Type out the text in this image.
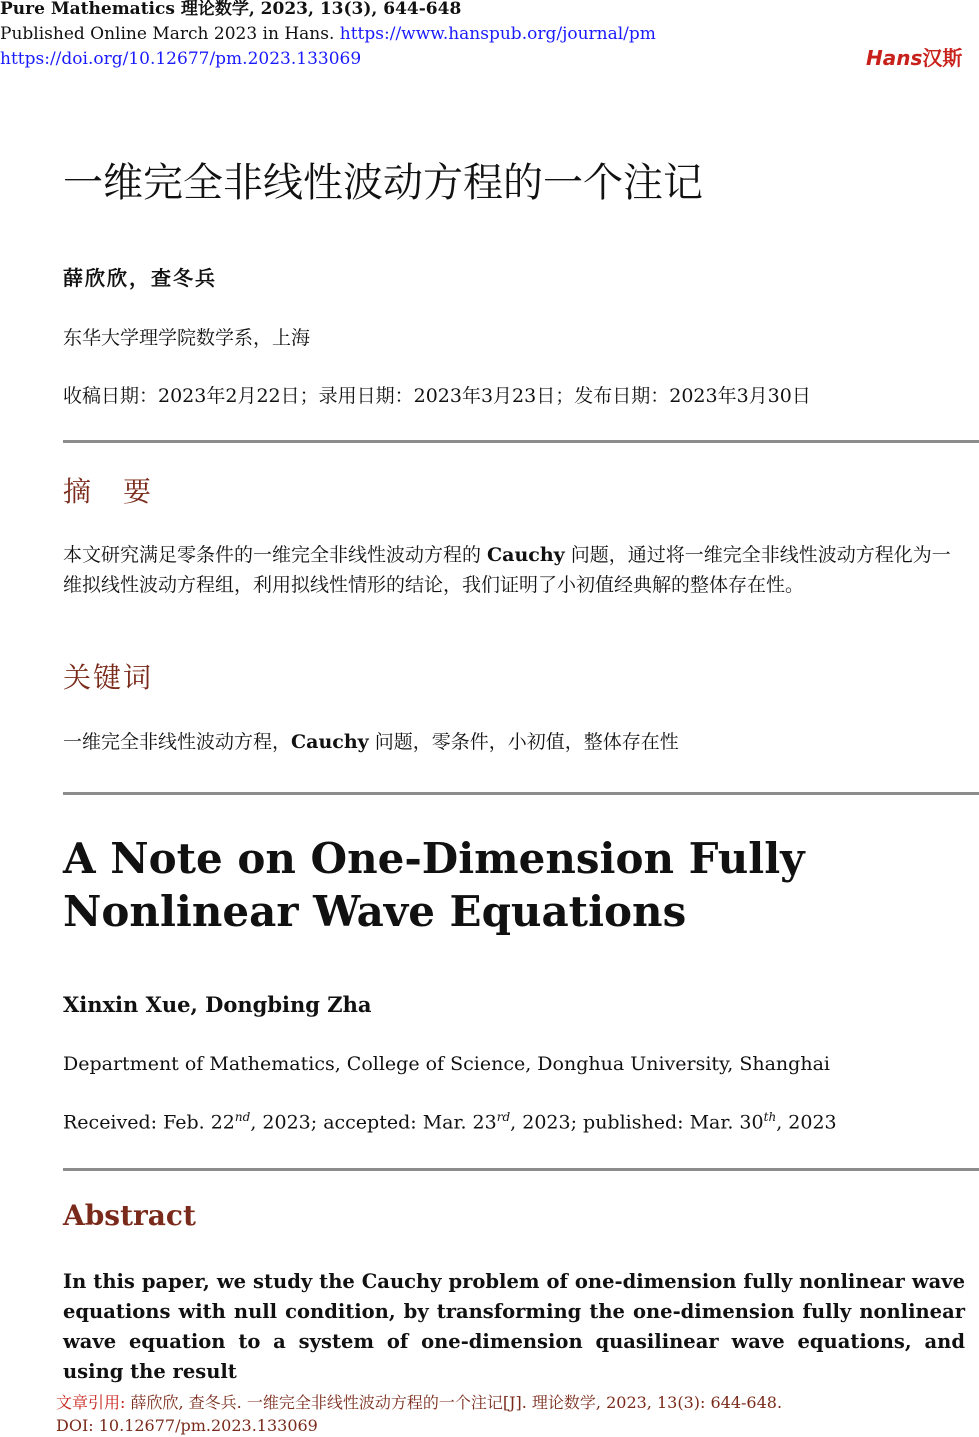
Pure Mathematics 理论数学, 2023, 13(3), 644-648
Published Online March 2023 in Hans. https://www.hanspub.org/journal/pm
https://doi.org/10.12677/pm.2023.133069	Hans汉斯
一维完全非线性波动方程的一个注记
薛欣欣，查冬兵
东华大学理学院数学系，上海
收稿日期：2023年2月22日；录用日期：2023年3月23日；发布日期：2023年3月30日
摘　要
本文研究满足零条件的一维完全非线性波动方程的 Cauchy 问题，通过将一维完全非线性波动方程化为一维拟线性波动方程组，利用拟线性情形的结论，我们证明了小初值经典解的整体存在性。
关键词
一维完全非线性波动方程，Cauchy 问题，零条件，小初值，整体存在性
A Note on One-Dimension Fully Nonlinear Wave Equations
Xinxin Xue, Dongbing Zha
Department of Mathematics, College of Science, Donghua University, Shanghai
Received: Feb. 22nd, 2023; accepted: Mar. 23rd, 2023; published: Mar. 30th, 2023
Abstract
In this paper, we study the Cauchy problem of one-dimension fully nonlinear wave equations with null condition, by transforming the one-dimension fully nonlinear wave equation to a system of one-dimension quasilinear wave equations, and using the result
文章引用: 薛欣欣, 查冬兵. 一维完全非线性波动方程的一个注记[J]. 理论数学, 2023, 13(3): 644-648.
DOI: 10.12677/pm.2023.133069
